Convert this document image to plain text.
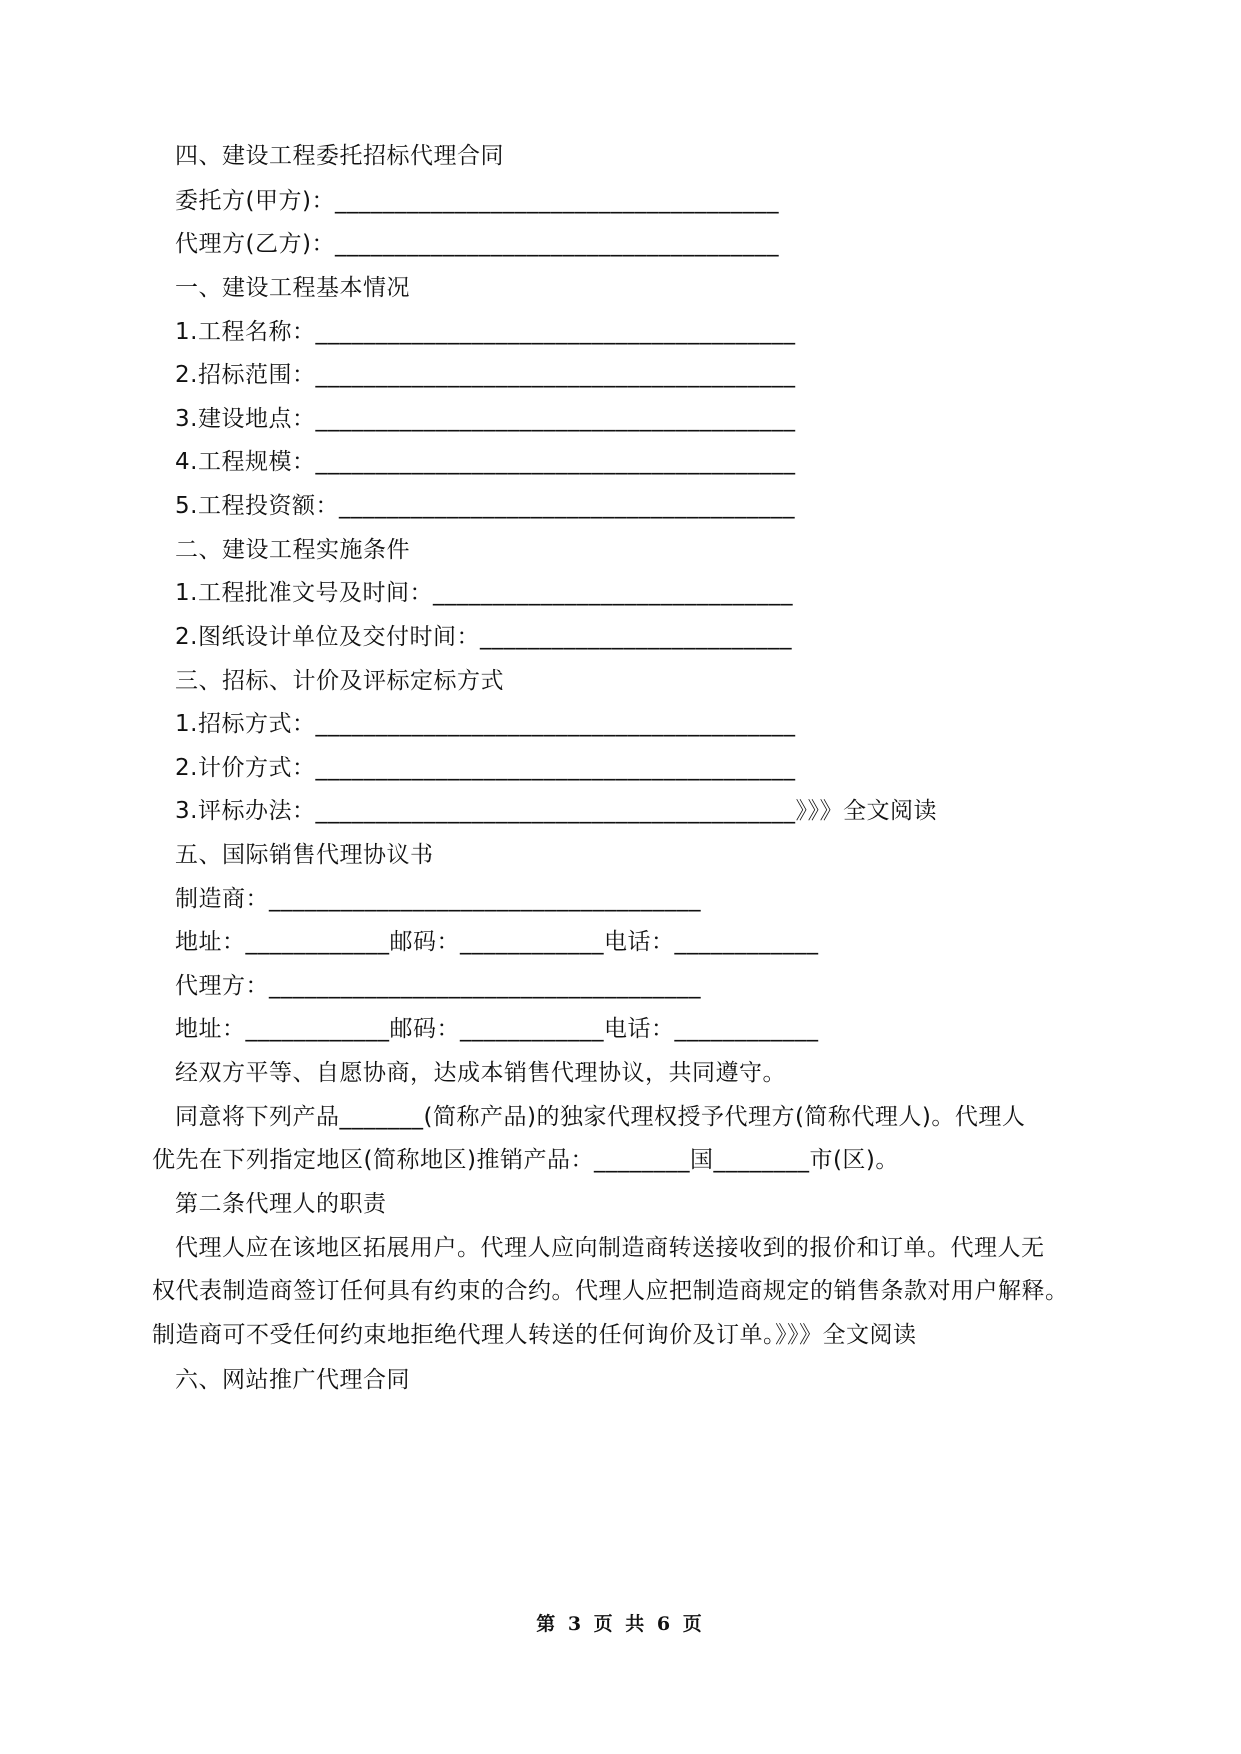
四、建设工程委托招标代理合同
委托方(甲方)：_____________________________________
代理方(乙方)：_____________________________________
一、建设工程基本情况
1.工程名称：________________________________________
2.招标范围：________________________________________
3.建设地点：________________________________________
4.工程规模：________________________________________
5.工程投资额：______________________________________
二、建设工程实施条件
1.工程批准文号及时间：______________________________
2.图纸设计单位及交付时间：__________________________
三、招标、计价及评标定标方式
1.招标方式：________________________________________
2.计价方式：________________________________________
3.评标办法：________________________________________》》》全文阅读
五、国际销售代理协议书
制造商：____________________________________
地址：____________邮码：____________电话：____________
代理方：____________________________________
地址：____________邮码：____________电话：____________
经双方平等、自愿协商，达成本销售代理协议，共同遵守。
同意将下列产品_______(简称产品)的独家代理权授予代理方(简称代理人)。代理人
优先在下列指定地区(简称地区)推销产品：________国________市(区)。
第二条代理人的职责
代理人应在该地区拓展用户。代理人应向制造商转送接收到的报价和订单。代理人无
权代表制造商签订任何具有约束的合约。代理人应把制造商规定的销售条款对用户解释。
制造商可不受任何约束地拒绝代理人转送的任何询价及订单。》》》全文阅读
六、网站推广代理合同
第 3 页 共 6 页
